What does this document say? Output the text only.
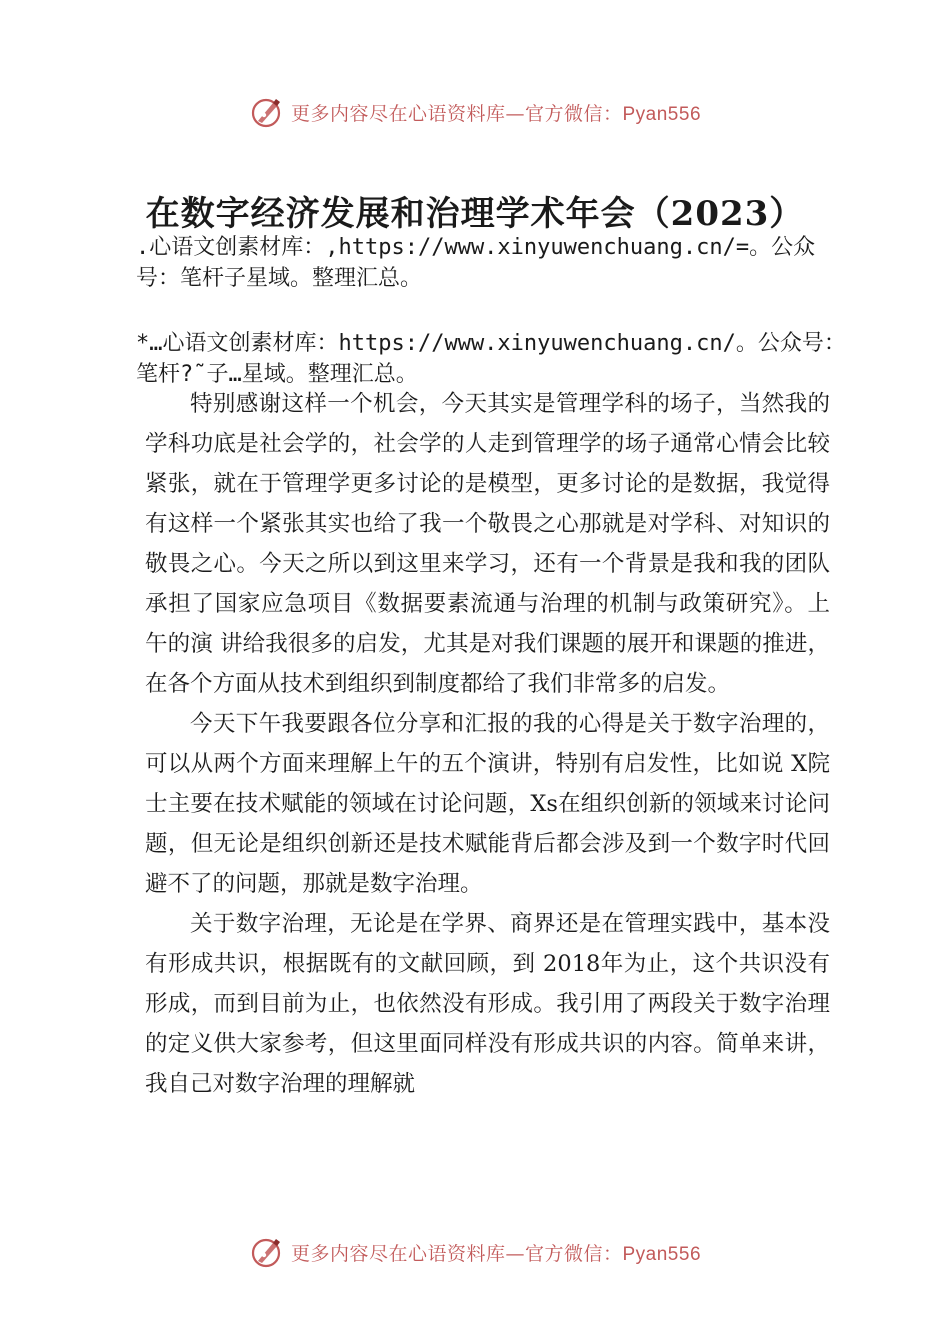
更多内容尽在心语资料库—官方微信：Pyan556
在数字经济发展和治理学术年会（2023）

.心语文创素材库：,https://www.xinyuwenchuang.cn/=。公众号：笔杆子星域。整理汇总。

*…心语文创素材库：https://www.xinyuwenchuang.cn/。公众号：笔杆?˜子…星域。整理汇总。

特别感谢这样一个机会，今天其实是管理学科的场子，当然我的学科功底是社会学的，社会学的人走到管理学的场子通常心情会比较紧张，就在于管理学更多讨论的是模型，更多讨论的是数据，我觉得有这样一个紧张其实也给了我一个敬畏之心那就是对学科、对知识的敬畏之心。今天之所以到这里来学习，还有一个背景是我和我的团队承担了国家应急项目《数据要素流通与治理的机制与政策研究》。上午的演 讲给我很多的启发，尤其是对我们课题的展开和课题的推进， 在各个方面从技术到组织到制度都给了我们非常多的启发。

今天下午我要跟各位分享和汇报的我的心得是关于数字治理的，可以从两个方面来理解上午的五个演讲，特别有启发性，比如说 X院士主要在技术赋能的领域在讨论问题，Xs在组织创新的领域来讨论问题，但无论是组织创新还是技术赋能背后都会涉及到一个数字时代回避不了的问题，那就是数字治理。

关于数字治理，无论是在学界、商界还是在管理实践中，基本没有形成共识，根据既有的文献回顾，到 2018年为止，这个共识没有形成，而到目前为止，也依然没有形成。我引用了两段关于数字治理的定义供大家参考，但这里面同样没有形成共识的内容。简单来讲，我自己对数字治理的理解就

更多内容尽在心语资料库—官方微信：Pyan556
